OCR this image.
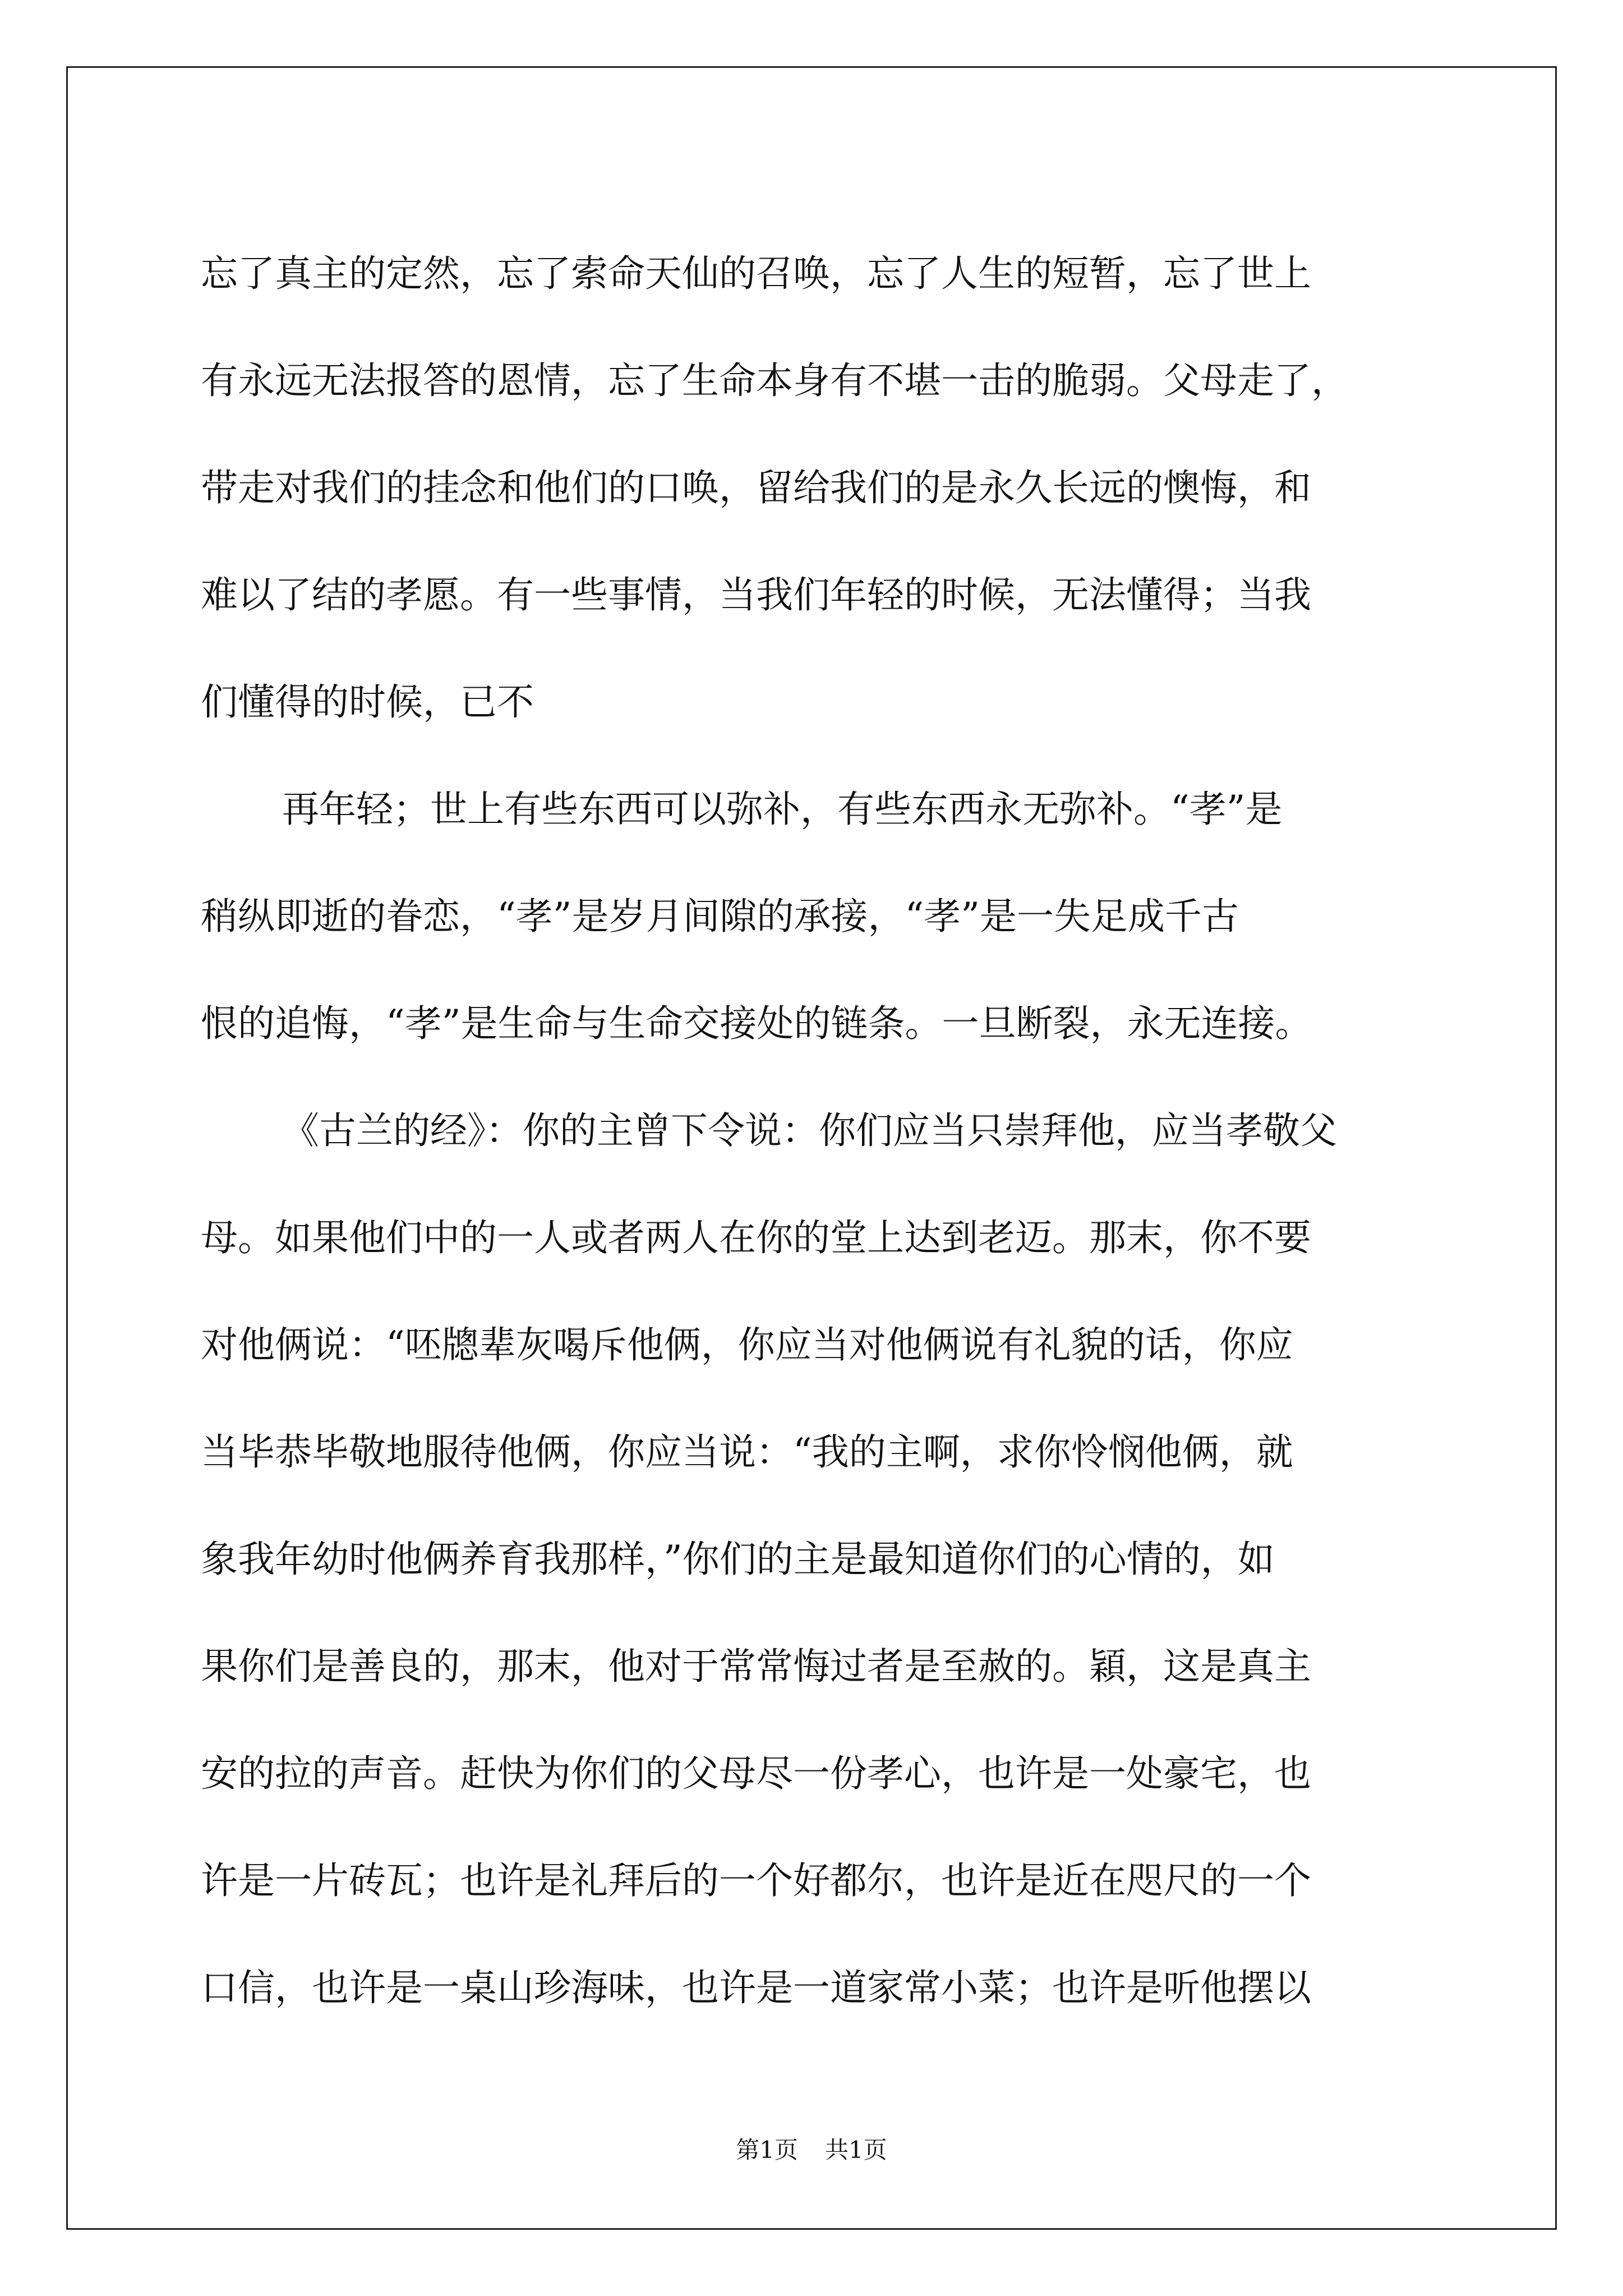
忘了真主的定然，忘了索命天仙的召唤，忘了人生的短暂，忘了世上
有永远无法报答的恩情，忘了生命本身有不堪一击的脆弱。父母走了，
带走对我们的挂念和他们的口唤，留给我们的是永久长远的懊悔，和
难以了结的孝愿。有一些事情，当我们年轻的时候，无法懂得；当我
们懂得的时候，已不
再年轻；世上有些东西可以弥补，有些东西永无弥补。“孝”是
稍纵即逝的眷恋，“孝”是岁月间隙的承接，“孝”是一失足成千古
恨的追悔，“孝”是生命与生命交接处的链条。一旦断裂，永无连接。
《古兰的经》：你的主曾下令说：你们应当只崇拜他，应当孝敬父
母。如果他们中的一人或者两人在你的堂上达到老迈。那末，你不要
对他俩说：“呸牕辈灰喝斥他俩，你应当对他俩说有礼貌的话，你应
当毕恭毕敬地服待他俩，你应当说：“我的主啊，求你怜悯他俩，就
象我年幼时他俩养育我那样，”你们的主是最知道你们的心情的，如
果你们是善良的，那末，他对于常常悔过者是至赦的。穎，这是真主
安的拉的声音。赶快为你们的父母尽一份孝心，也许是一处豪宅，也
许是一片砖瓦；也许是礼拜后的一个好都尔，也许是近在咫尺的一个
口信，也许是一桌山珍海味，也许是一道家常小菜；也许是听他摆以
第1页 共1页
